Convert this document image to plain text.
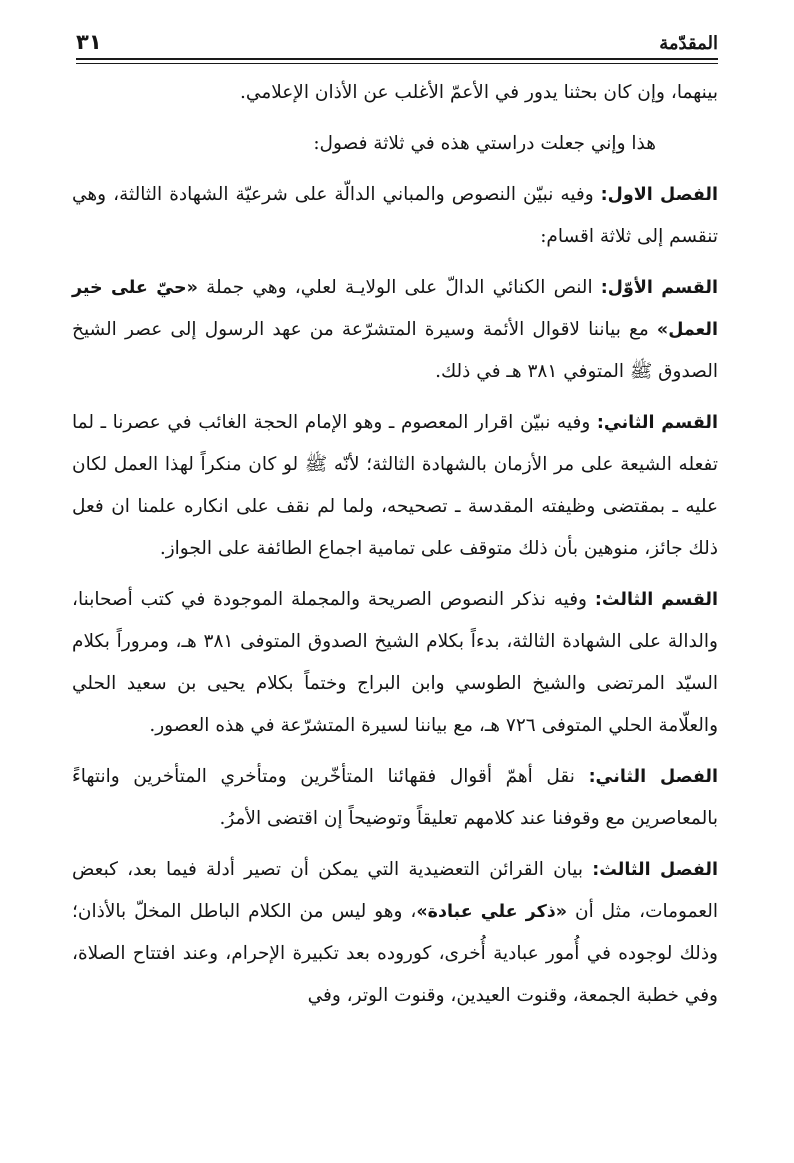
٣١	المقدّمة

بينهما، وإن كان بحثنا يدور في الأعمّ الأغلب عن الأذان الإعلامي.

هذا وإني جعلت دراستي هذه في ثلاثة فصول:

الفصل الاول: وفيه نبيّن النصوص والمباني الدالّة على شرعيّة الشهادة الثالثة، وهي تنقسم إلى ثلاثة اقسام:

القسم الأوّل: النص الكنائي الدالّ على الولايـة لعلي، وهي جملة «حيّ على خير العمل» مع بياننا لاقوال الأئمة وسيرة المتشرّعة من عهد الرسول إلى عصر الشيخ الصدوق ﷺ المتوفي ٣٨١ هـ في ذلك.

القسم الثاني: وفيه نبيّن اقرار المعصوم ـ وهو الإمام الحجة الغائب في عصرنا ـ لما تفعله الشيعة على مر الأزمان بالشهادة الثالثة؛ لأنّه ﷺ لو كان منكراً لهذا العمل لكان عليه ـ بمقتضى وظيفته المقدسة ـ تصحيحه، ولما لم نقف على انكاره علمنا ان فعل ذلك جائز، منوهين بأن ذلك متوقف على تمامية اجماع الطائفة على الجواز.

القسم الثالث: وفيه نذكر النصوص الصريحة والمجملة الموجودة في كتب أصحابنا، والدالة على الشهادة الثالثة، بدءاً بكلام الشيخ الصدوق المتوفى ٣٨١ هـ، ومروراً بكلام السيّد المرتضى والشيخ الطوسي وابن البراج وختماً بكلام يحيى بن سعيد الحلي والعلّامة الحلي المتوفى ٧٢٦ هـ، مع بياننا لسيرة المتشرّعة في هذه العصور.

الفصل الثاني: نقل أهمّ أقوال فقهائنا المتأخّرين ومتأخري المتأخرين وانتهاءً بالمعاصرين مع وقوفنا عند كلامهم تعليقاً وتوضيحاً إن اقتضى الأمرُ.

الفصل الثالث: بيان القرائن التعضيدية التي يمكن أن تصير أدلة فيما بعد، كبعض العمومات، مثل أن «ذكر علي عبادة»، وهو ليس من الكلام الباطل المخلّ بالأذان؛ وذلك لوجوده في أُمور عبادية أُخرى، كوروده بعد تكبيرة الإحرام، وعند افتتاح الصلاة، وفي خطبة الجمعة، وقنوت العيدين، وقنوت الوتر، وفي
